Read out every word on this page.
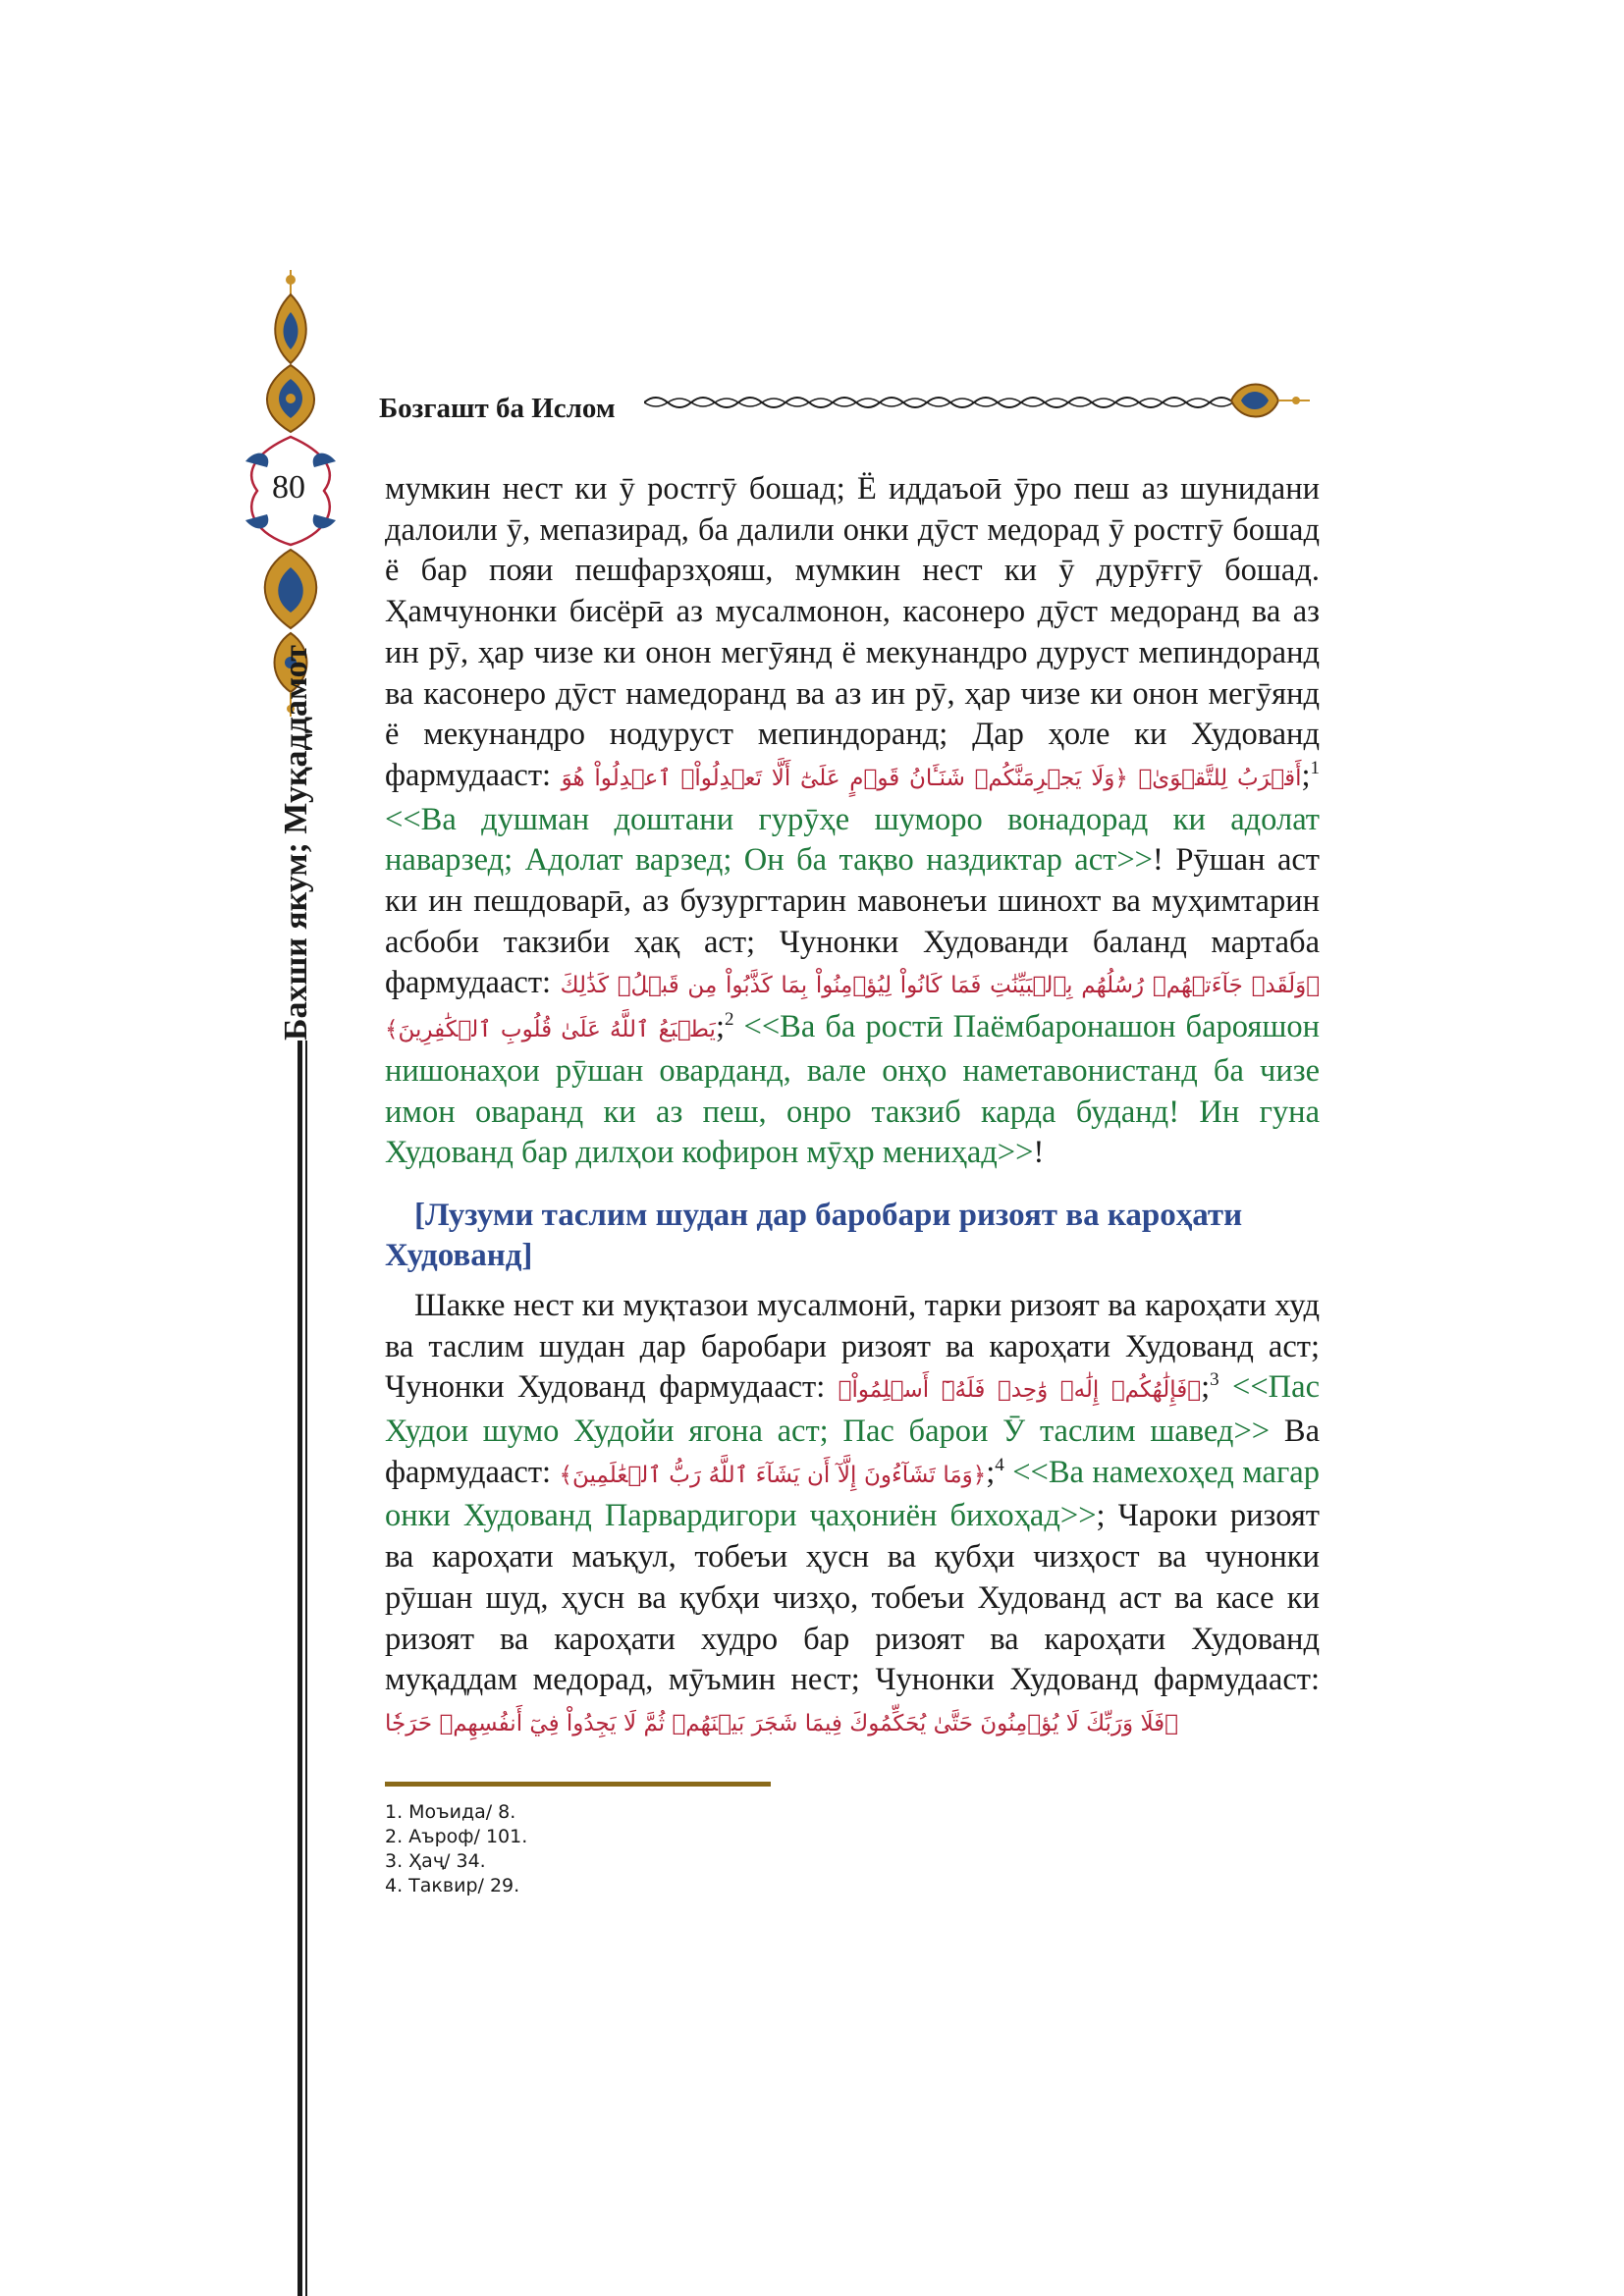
80
Бахши якум; Муқаддамот
Бозгашт ба Ислом

мумкин нест ки ӯ ростгӯ бошад; Ё иддаъоӣ ӯро пеш аз шунидани далоили ӯ, мепазирад, ба далили онки дӯст медорад ӯ ростгӯ бошад ё бар пояи пешфарзҳояш, мумкин нест ки ӯ дурӯғгӯ бошад. Ҳамчунонки бисёрӣ аз мусалмонон, касонеро дӯст медоранд ва аз ин рӯ, ҳар чизе ки онон мегӯянд ё мекунандро дуруст мепиндоранд ва касонеро дӯст намедоранд ва аз ин рӯ, ҳар чизе ки онон мегӯянд ё мекунандро нодуруст мепиндоранд; Дар ҳоле ки Худованд фармудааст: ﴿وَلَا يَجۡرِمَنَّكُمۡ شَنَـَٔانُ قَوۡمٍ عَلَىٰٓ أَلَّا تَعۡدِلُواْۚ ٱعۡدِلُواْ هُوَ أَقۡرَبُ لِلتَّقۡوَىٰ﴾;$^1$ <<Ва душман доштани гурӯҳе шуморо вонадорад ки адолат наварзед; Адолат варзед; Он ба тақво наздиктар аст>>! Рӯшан аст ки ин пешдоварӣ, аз бузургтарин мавонеъи шинохт ва муҳимтарин асбоби такзиби ҳақ аст; Чунонки Худованди баланд мартаба фармудааст: ﴿وَلَقَدۡ جَآءَتۡهُمۡ رُسُلُهُم بِٱلۡبَيِّنَٰتِ فَمَا كَانُواْ لِيُؤۡمِنُواْ بِمَا كَذَّبُواْ مِن قَبۡلُۚ كَذَٰلِكَ يَطۡبَعُ ٱللَّهُ عَلَىٰ قُلُوبِ ٱلۡكَٰفِرِينَ﴾;$^2$ <<Ва ба ростӣ Паёмбаронашон барояшон нишонаҳои рӯшан оварданд, вале онҳо наметавонистанд ба чизе имон оваранд ки аз пеш, онро такзиб карда буданд! Ин гуна Худованд бар дилҳои кофирон мӯҳр мениҳад>>!

[Лузуми таслим шудан дар баробари ризоят ва кароҳати
Худованд]

Шакке нест ки муқтазои мусалмонӣ, тарки ризоят ва кароҳати худ ва таслим шудан дар баробари ризоят ва кароҳати Худованд аст; Чунонки Худованд фармудааст: ﴿فَإِلَٰهُكُمۡ إِلَٰهٞ وَٰحِدٞ فَلَهُۥٓ أَسۡلِمُواْ﴾;$^3$ <<Пас Худои шумо Худойи ягона аст; Пас барои Ӯ таслим шавед>> Ва фармудааст: ﴿وَمَا تَشَآءُونَ إِلَّآ أَن يَشَآءَ ٱللَّهُ رَبُّ ٱلۡعَٰلَمِينَ﴾;$^4$ <<Ва намехоҳед магар онки Худованд Парвардигори ҷаҳониён бихоҳад>>; Чароки ризоят ва кароҳати маъқул, тобеъи ҳусн ва қубҳи чизҳост ва чунонки рӯшан шуд, ҳусн ва қубҳи чизҳо, тобеъи Худованд аст ва касе ки ризоят ва кароҳати худро бар ризоят ва кароҳати Худованд муқаддам медорад, мӯъмин нест; Чунонки Худованд фармудааст: ﴿فَلَا وَرَبِّكَ لَا يُؤۡمِنُونَ حَتَّىٰ يُحَكِّمُوكَ فِيمَا شَجَرَ بَيۡنَهُمۡ ثُمَّ لَا يَجِدُواْ فِيٓ أَنفُسِهِمۡ حَرَجٗا

1. Моъида/ 8.
2. Аъроф/ 101.
3. Ҳаҷ/ 34.
4. Таквир/ 29.
